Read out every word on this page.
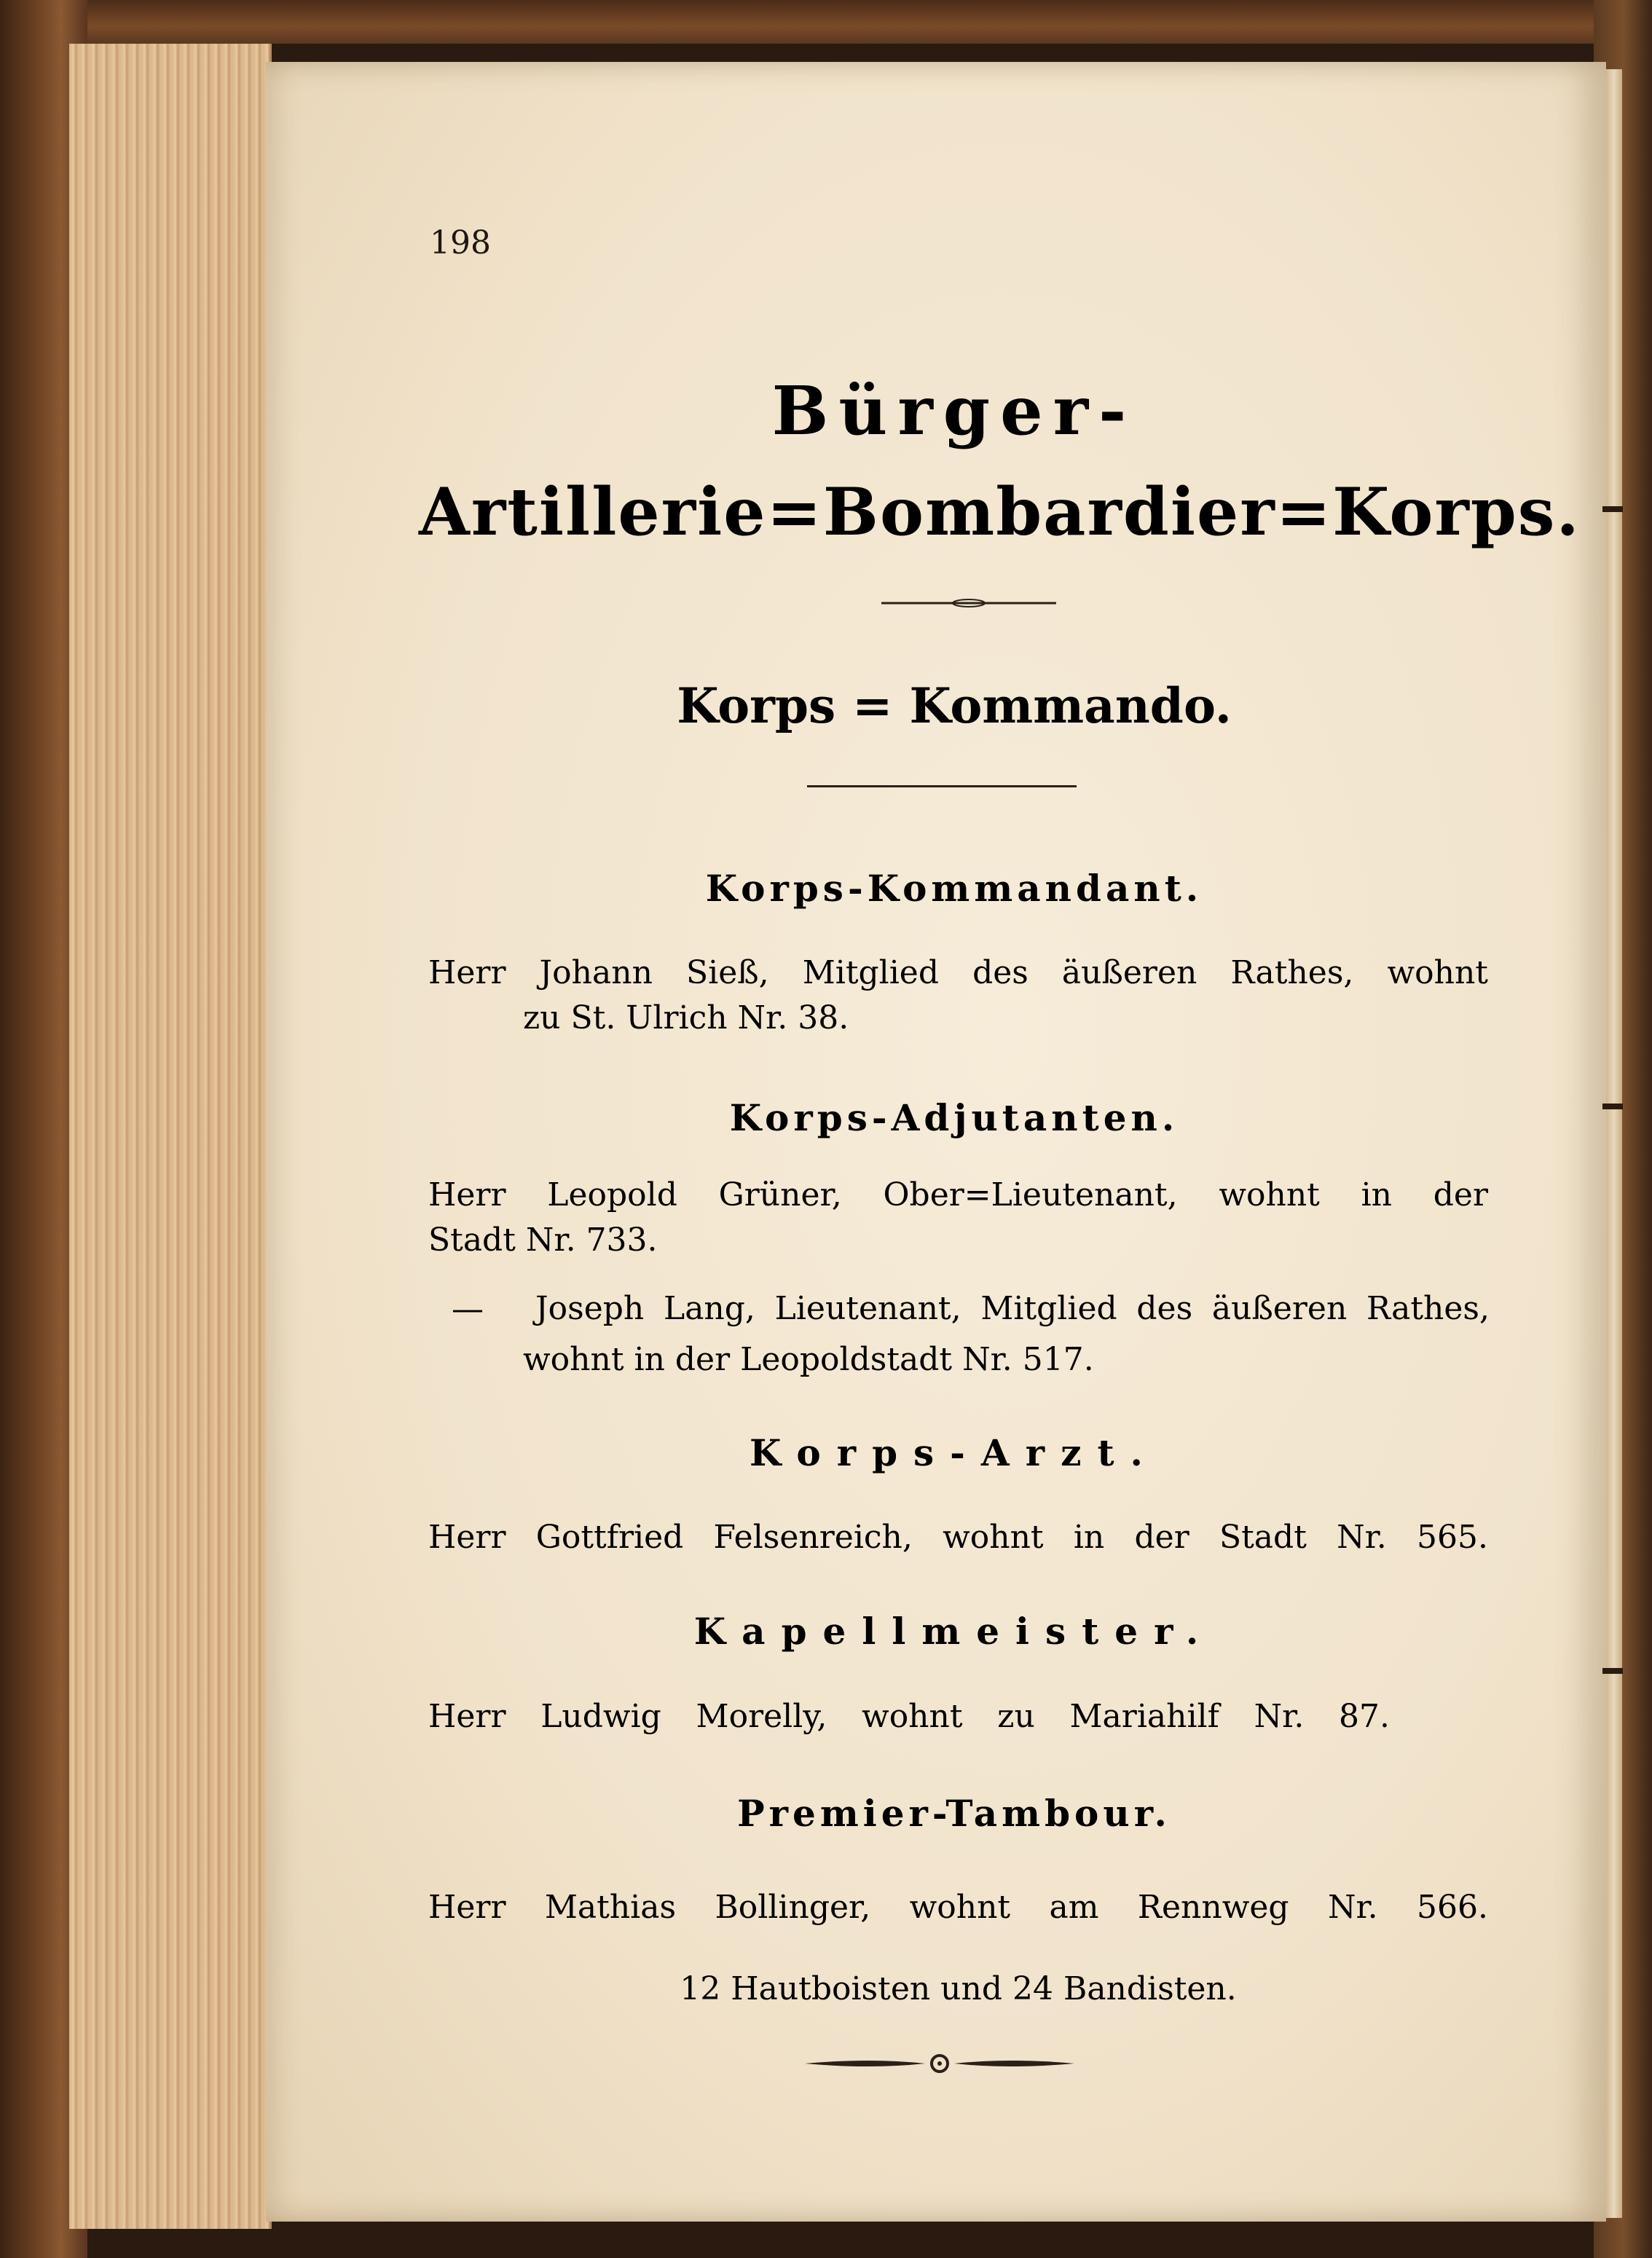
198
Bürger-
Artillerie=Bombardier=Korps.
Korps = Kommando.
Korps-Kommandant.
Herr Johann Sieß, Mitglied des äußeren Rathes, wohnt
zu St. Ulrich Nr. 38.
Korps-Adjutanten.
Herr Leopold Grüner, Ober=Lieutenant, wohnt in der
Stadt Nr. 733.
— Joseph Lang, Lieutenant, Mitglied des äußeren Rathes,
wohnt in der Leopoldstadt Nr. 517.
Korps-Arzt.
Herr Gottfried Felsenreich, wohnt in der Stadt Nr. 565.
Kapellmeister.
Herr Ludwig Morelly, wohnt zu Mariahilf Nr. 87.
Premier-Tambour.
Herr Mathias Bollinger, wohnt am Rennweg Nr. 566.
12 Hautboisten und 24 Bandisten.
